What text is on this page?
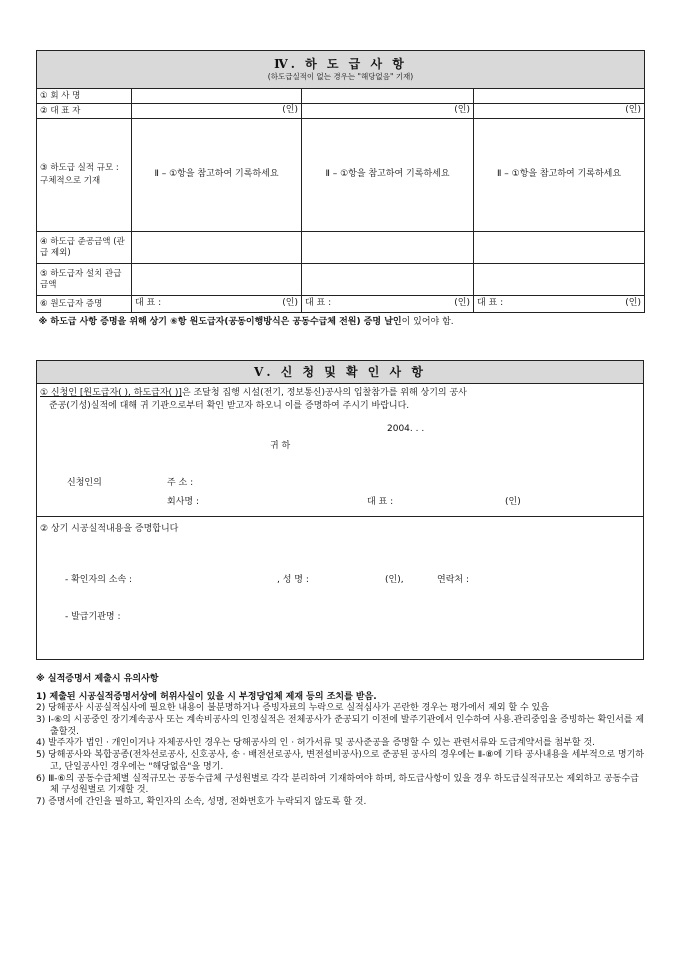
Ⅳ. 하 도 급 사 항
(하도급실적이 없는 경우는 "해당없음" 기재)			

① 회 사 명			
② 대 표 자	(인)	(인)	(인)
③ 하도급 실적 규모 : 구체적으로 기재	Ⅱ – ①항을 참고하여 기록하세요	Ⅱ – ①항을 참고하여 기록하세요	Ⅱ – ①항을 참고하여 기록하세요
④ 하도급 준공금액 (관급 제외)			
⑤ 하도급자 설치 관급 금액			
⑥ 원도급자 증명	대 표 : (인)	대 표 : (인)	대 표 : (인)

※ 하도급 사항 증명을 위해 상기 ⑥항 원도급자(공동이행방식은 공동수급체 전원) 증명 날인이 있어야 함.			
Ⅴ. 신 청 및 확 인 사 항
① 신청인 [원도급자( ), 하도급자( )]은 조달청 집행 시설(전기, 정보통신)공사의 입찰참가를 위해 상기의 공사
준공(기성)실적에 대해 귀 기관으로부터 확인 받고자 하오니 이를 증명하여 주시기 바랍니다.
2004. . .
귀 하
신청인의	주 소 :
회사명 :	대 표 :	(인)
② 상기 시공실적내용을 증명합니다
- 확인자의 소속 :	, 성 명 :	(인),	연락처 :
- 발급기관명 :
※ 실적증명서 제출시 유의사항
1) 제출된 시공실적증명서상에 허위사실이 있을 시 부정당업체 제재 등의 조치를 받음.
2) 당해공사 시공실적심사에 필요한 내용이 불분명하거나 증빙자료의 누락으로 실적심사가 곤란한 경우는 평가에서 제외 할 수 있음
3) Ⅰ-⑥의 시공중인 장기계속공사 또는 계속비공사의 인정실적은 전체공사가 준공되기 이전에 발주기관에서 인수하여 사용.관리중임을 증빙하는 확인서를 제출할것.
4) 발주자가 법인 · 개인이거나 자체공사인 경우는 당해공사의 인 · 허가서류 및 공사준공을 증명할 수 있는 관련서류와 도급계약서를 첨부할 것.
5) 당해공사와 복합공종(전차선로공사, 신호공사, 송 · 배전선로공사, 변전설비공사)으로 준공된 공사의 경우에는 Ⅱ-⑧에 기타 공사내용을 세부적으로 명기하고, 단일공사인 경우에는 "해당없음"을 명기.
6) Ⅲ-⑥의 공동수급체별 실적규모는 공동수급체 구성원별로 각각 분리하여 기재하여야 하며, 하도급사항이 있을 경우 하도급실적규모는 제외하고 공동수급체 구성원별로 기재할 것.
7) 증명서에 간인을 필하고, 확인자의 소속, 성명, 전화번호가 누락되지 않도록 할 것.
